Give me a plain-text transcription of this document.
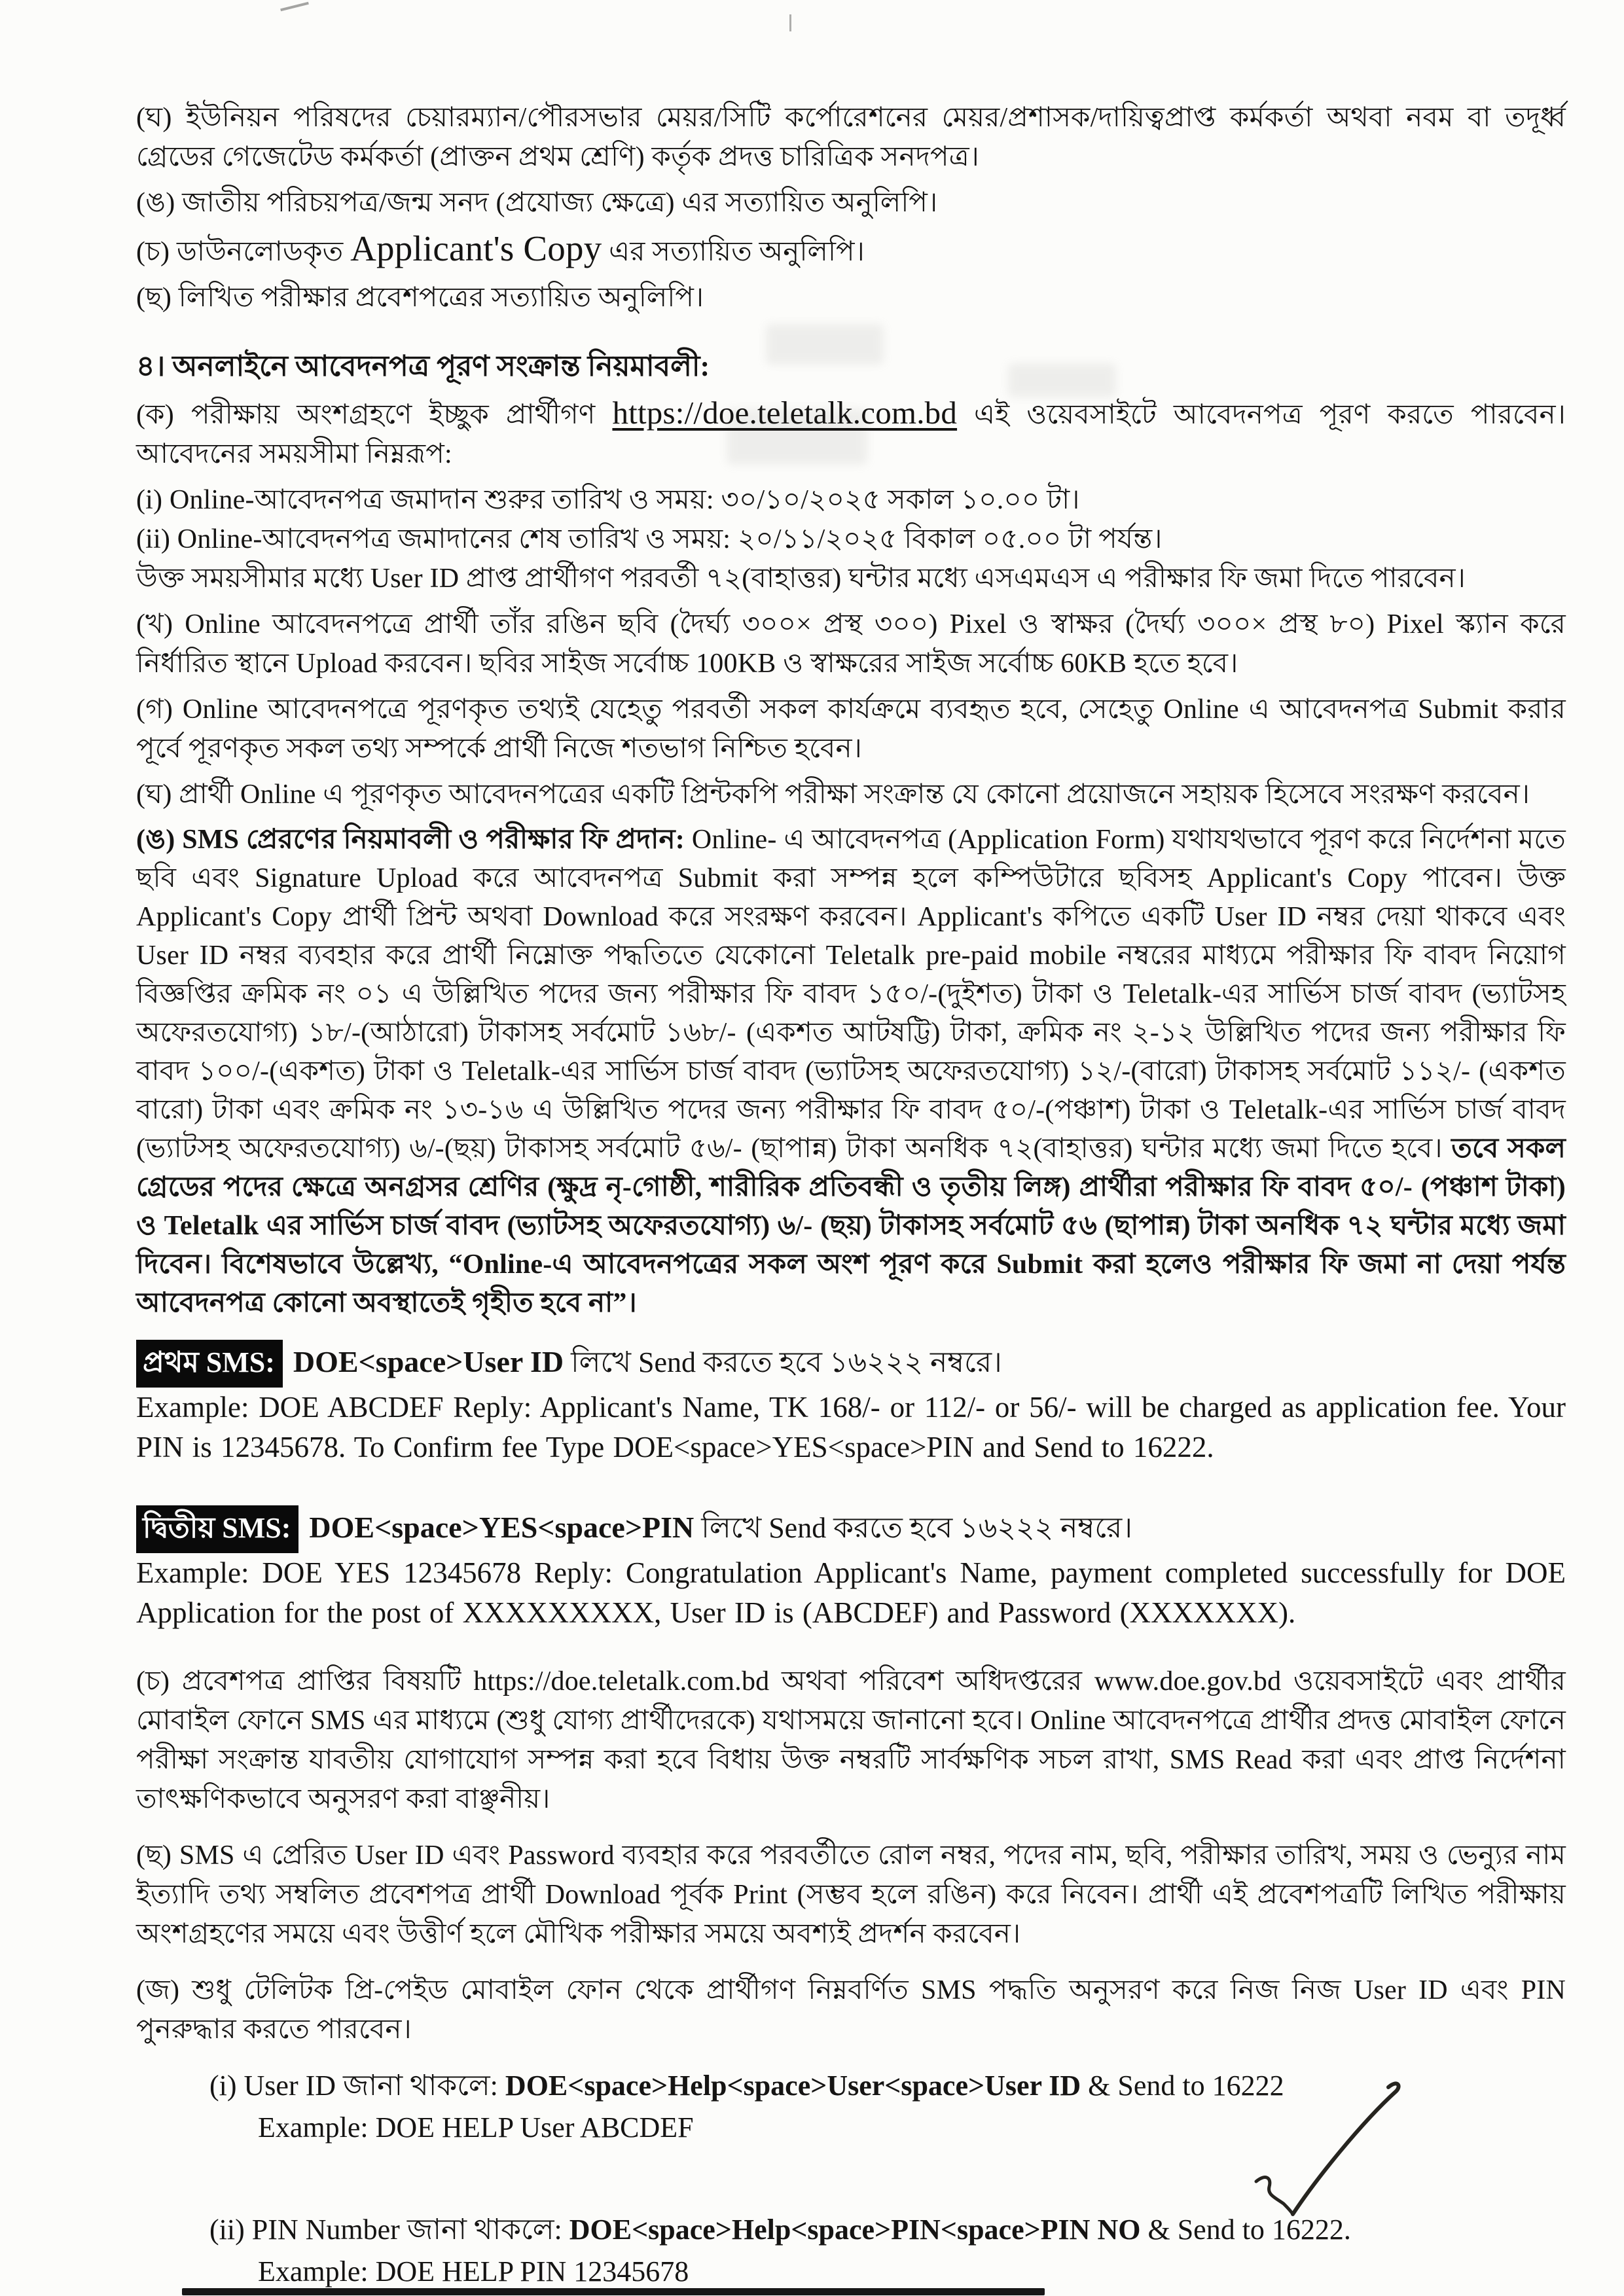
(ঘ) ইউনিয়ন পরিষদের চেয়ারম্যান/পৌরসভার মেয়র/সিটি কর্পোরেশনের মেয়র/প্রশাসক/দায়িত্বপ্রাপ্ত কর্মকর্তা অথবা নবম বা তদূর্ধ্ব গ্রেডের গেজেটেড কর্মকর্তা (প্রাক্তন প্রথম শ্রেণি) কর্তৃক প্রদত্ত চারিত্রিক সনদপত্র।

(ঙ) জাতীয় পরিচয়পত্র/জন্ম সনদ (প্রযোজ্য ক্ষেত্রে) এর সত্যায়িত অনুলিপি।

(চ) ডাউনলোডকৃত Applicant's Copy এর সত্যায়িত অনুলিপি।

(ছ) লিখিত পরীক্ষার প্রবেশপত্রের সত্যায়িত অনুলিপি।

৪। অনলাইনে আবেদনপত্র পূরণ সংক্রান্ত নিয়মাবলী:

(ক) পরীক্ষায় অংশগ্রহণে ইচ্ছুক প্রার্থীগণ https://doe.teletalk.com.bd এই ওয়েবসাইটে আবেদনপত্র পূরণ করতে পারবেন। আবেদনের সময়সীমা নিম্নরূপ:

(i) Online-আবেদনপত্র জমাদান শুরুর তারিখ ও সময়: ৩০/১০/২০২৫ সকাল ১০.০০ টা।

(ii) Online-আবেদনপত্র জমাদানের শেষ তারিখ ও সময়: ২০/১১/২০২৫ বিকাল ০৫.০০ টা পর্যন্ত।

উক্ত সময়সীমার মধ্যে User ID প্রাপ্ত প্রার্থীগণ পরবর্তী ৭২(বাহাত্তর) ঘন্টার মধ্যে এসএমএস এ পরীক্ষার ফি জমা দিতে পারবেন।

(খ) Online আবেদনপত্রে প্রার্থী তাঁর রঙিন ছবি (দৈর্ঘ্য ৩০০× প্রস্থ ৩০০) Pixel ও স্বাক্ষর (দৈর্ঘ্য ৩০০× প্রস্থ ৮০) Pixel স্ক্যান করে নির্ধারিত স্থানে Upload করবেন। ছবির সাইজ সর্বোচ্চ 100KB ও স্বাক্ষরের সাইজ সর্বোচ্চ 60KB হতে হবে।

(গ) Online আবেদনপত্রে পূরণকৃত তথ্যই যেহেতু পরবর্তী সকল কার্যক্রমে ব্যবহৃত হবে, সেহেতু Online এ আবেদনপত্র Submit করার পূর্বে পূরণকৃত সকল তথ্য সম্পর্কে প্রার্থী নিজে শতভাগ নিশ্চিত হবেন।

(ঘ) প্রার্থী Online এ পূরণকৃত আবেদনপত্রের একটি প্রিন্টকপি পরীক্ষা সংক্রান্ত যে কোনো প্রয়োজনে সহায়ক হিসেবে সংরক্ষণ করবেন।

(ঙ) SMS প্রেরণের নিয়মাবলী ও পরীক্ষার ফি প্রদান: Online- এ আবেদনপত্র (Application Form) যথাযথভাবে পূরণ করে নির্দেশনা মতে ছবি এবং Signature Upload করে আবেদনপত্র Submit করা সম্পন্ন হলে কম্পিউটারে ছবিসহ Applicant's Copy পাবেন। উক্ত Applicant's Copy প্রার্থী প্রিন্ট অথবা Download করে সংরক্ষণ করবেন। Applicant's কপিতে একটি User ID নম্বর দেয়া থাকবে এবং User ID নম্বর ব্যবহার করে প্রার্থী নিম্নোক্ত পদ্ধতিতে যেকোনো Teletalk pre-paid mobile নম্বরের মাধ্যমে পরীক্ষার ফি বাবদ নিয়োগ বিজ্ঞপ্তির ক্রমিক নং ০১ এ উল্লিখিত পদের জন্য পরীক্ষার ফি বাবদ ১৫০/-(দুইশত) টাকা ও Teletalk-এর সার্ভিস চার্জ বাবদ (ভ্যাটসহ অফেরতযোগ্য) ১৮/-(আঠারো) টাকাসহ সর্বমোট ১৬৮/- (একশত আটষট্টি) টাকা, ক্রমিক নং ২-১২ উল্লিখিত পদের জন্য পরীক্ষার ফি বাবদ ১০০/-(একশত) টাকা ও Teletalk-এর সার্ভিস চার্জ বাবদ (ভ্যাটসহ অফেরতযোগ্য) ১২/-(বারো) টাকাসহ সর্বমোট ১১২/- (একশত বারো) টাকা এবং ক্রমিক নং ১৩-১৬ এ উল্লিখিত পদের জন্য পরীক্ষার ফি বাবদ ৫০/-(পঞ্চাশ) টাকা ও Teletalk-এর সার্ভিস চার্জ বাবদ (ভ্যাটসহ অফেরতযোগ্য) ৬/-(ছয়) টাকাসহ সর্বমোট ৫৬/- (ছাপান্ন) টাকা অনধিক ৭২(বাহাত্তর) ঘন্টার মধ্যে জমা দিতে হবে। তবে সকল গ্রেডের পদের ক্ষেত্রে অনগ্রসর শ্রেণির (ক্ষুদ্র নৃ-গোষ্ঠী, শারীরিক প্রতিবন্ধী ও তৃতীয় লিঙ্গ) প্রার্থীরা পরীক্ষার ফি বাবদ ৫০/- (পঞ্চাশ টাকা) ও Teletalk এর সার্ভিস চার্জ বাবদ (ভ্যাটসহ অফেরতযোগ্য) ৬/- (ছয়) টাকাসহ সর্বমোট ৫৬ (ছাপান্ন) টাকা অনধিক ৭২ ঘন্টার মধ্যে জমা দিবেন। বিশেষভাবে উল্লেখ্য, “Online-এ আবেদনপত্রের সকল অংশ পূরণ করে Submit করা হলেও পরীক্ষার ফি জমা না দেয়া পর্যন্ত আবেদনপত্র কোনো অবস্থাতেই গৃহীত হবে না”।

প্রথম SMS: DOE<space>User ID লিখে Send করতে হবে ১৬২২২ নম্বরে।

Example: DOE ABCDEF Reply: Applicant's Name, TK 168/- or 112/- or 56/- will be charged as application fee. Your PIN is 12345678. To Confirm fee Type DOE<space>YES<space>PIN and Send to 16222.

দ্বিতীয় SMS: DOE<space>YES<space>PIN লিখে Send করতে হবে ১৬২২২ নম্বরে।

Example: DOE YES 12345678 Reply: Congratulation Applicant's Name, payment completed successfully for DOE Application for the post of XXXXXXXXX, User ID is (ABCDEF) and Password (XXXXXXX).

(চ) প্রবেশপত্র প্রাপ্তির বিষয়টি https://doe.teletalk.com.bd অথবা পরিবেশ অধিদপ্তরের www.doe.gov.bd ওয়েবসাইটে এবং প্রার্থীর মোবাইল ফোনে SMS এর মাধ্যমে (শুধু যোগ্য প্রার্থীদেরকে) যথাসময়ে জানানো হবে। Online আবেদনপত্রে প্রার্থীর প্রদত্ত মোবাইল ফোনে পরীক্ষা সংক্রান্ত যাবতীয় যোগাযোগ সম্পন্ন করা হবে বিধায় উক্ত নম্বরটি সার্বক্ষণিক সচল রাখা, SMS Read করা এবং প্রাপ্ত নির্দেশনা তাৎক্ষণিকভাবে অনুসরণ করা বাঞ্ছনীয়।

(ছ) SMS এ প্রেরিত User ID এবং Password ব্যবহার করে পরবর্তীতে রোল নম্বর, পদের নাম, ছবি, পরীক্ষার তারিখ, সময় ও ভেন্যুর নাম ইত্যাদি তথ্য সম্বলিত প্রবেশপত্র প্রার্থী Download পূর্বক Print (সম্ভব হলে রঙিন) করে নিবেন। প্রার্থী এই প্রবেশপত্রটি লিখিত পরীক্ষায় অংশগ্রহণের সময়ে এবং উত্তীর্ণ হলে মৌখিক পরীক্ষার সময়ে অবশ্যই প্রদর্শন করবেন।

(জ) শুধু টেলিটক প্রি-পেইড মোবাইল ফোন থেকে প্রার্থীগণ নিম্নবর্ণিত SMS পদ্ধতি অনুসরণ করে নিজ নিজ User ID এবং PIN পুনরুদ্ধার করতে পারবেন।

(i) User ID জানা থাকলে: DOE<space>Help<space>User<space>User ID & Send to 16222

Example: DOE HELP User ABCDEF

(ii) PIN Number জানা থাকলে: DOE<space>Help<space>PIN<space>PIN NO & Send to 16222.

Example: DOE HELP PIN 12345678
